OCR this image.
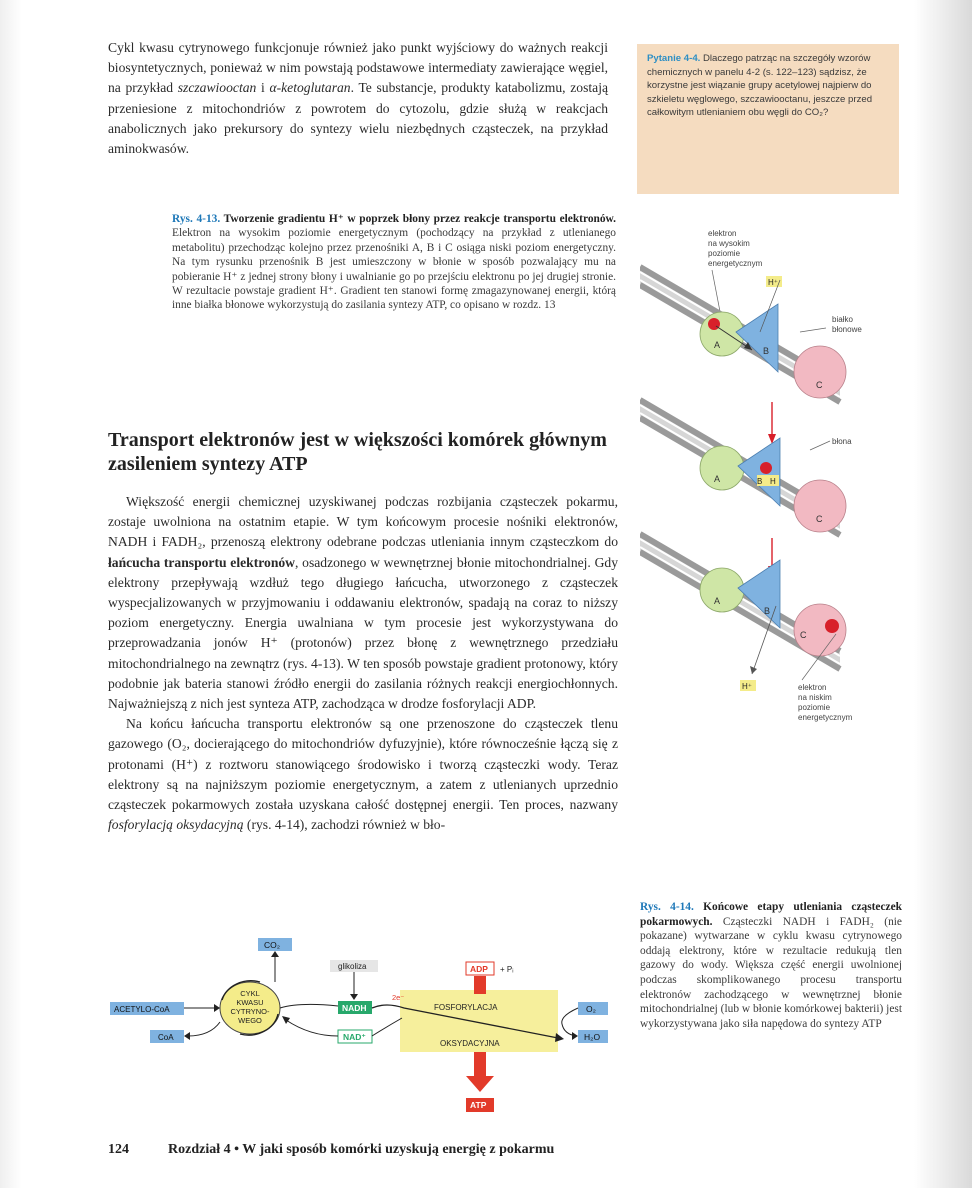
Cykl kwasu cytrynowego funkcjonuje również jako punkt wyjściowy do ważnych reakcji biosyntetycznych, ponieważ w nim powstają podstawowe intermediaty zawierające węgiel, na przykład szczawiooctan i α-ketoglutaran. Te substancje, produkty katabolizmu, zostają przeniesione z mitochondriów z powrotem do cytozolu, gdzie służą w reakcjach anabolicznych jako prekursory do syntezy wielu niezbędnych cząsteczek, na przykład aminokwasów.

Pytanie 4-4. Dlaczego patrząc na szczegóły wzorów chemicznych w panelu 4-2 (s. 122–123) sądzisz, że korzystne jest wiązanie grupy acetylowej najpierw do szkieletu węglowego, szczawiooctanu, jeszcze przed całkowitym utlenianiem obu węgli do CO₂?
Rys. 4-13. Tworzenie gradientu H⁺ w poprzek błony przez reakcje transportu elektronów. Elektron na wysokim poziomie energetycznym (pochodzący na przykład z utlenianego metabolitu) przechodząc kolejno przez przenośniki A, B i C osiąga niski poziom energetyczny. Na tym rysunku przenośnik B jest umieszczony w błonie w sposób pozwalający mu na pobieranie H⁺ z jednej strony błony i uwalnianie go po przejściu elektronu po jej drugiej stronie. W rezultacie powstaje gradient H⁺. Gradient ten stanowi formę zmagazynowanej energii, którą inne białka błonowe wykorzystują do zasilania syntezy ATP, co opisano w rozdz. 13
elektron
na wysokim
poziomie
energetycznym
H⁺
białko
błonowe
A
B
C
błona
A	B H
C
A
B
C
H⁺	elektron
na niskim
poziomie
energetycznym
Transport elektronów jest w większości komórek głównym zasileniem syntezy ATP

Większość energii chemicznej uzyskiwanej podczas rozbijania cząsteczek pokarmu, zostaje uwolniona na ostatnim etapie. W tym końcowym procesie nośniki elektronów, NADH i FADH₂, przenoszą elektrony odebrane podczas utleniania innym cząsteczkom do łańcucha transportu elektronów, osadzonego w wewnętrznej błonie mitochondrialnej. Gdy elektrony przepływają wzdłuż tego długiego łańcucha, utworzonego z cząsteczek wyspecjalizowanych w przyjmowaniu i oddawaniu elektronów, spadają na coraz to niższy poziom energetyczny. Energia uwalniana w tym procesie jest wykorzystywana do przeprowadzania jonów H⁺ (protonów) przez błonę z wewnętrznego przedziału mitochondrialnego na zewnątrz (rys. 4-13). W ten sposób powstaje gradient protonowy, który podobnie jak bateria stanowi źródło energii do zasilania różnych reakcji energiochłonnych. Najważniejszą z nich jest synteza ATP, zachodząca w drodze fosforylacji ADP.

Na końcu łańcucha transportu elektronów są one przenoszone do cząsteczek tlenu gazowego (O₂, docierającego do mitochondriów dyfuzyjnie), które równocześnie łączą się z protonami (H⁺) z roztworu stanowiącego środowisko i tworzą cząsteczki wody. Teraz elektrony są na najniższym poziomie energetycznym, a zatem z utlenianych uprzednio cząsteczek pokarmowych została uzyskana całość dostępnej energii. Ten proces, nazwany fosforylacją oksydacyjną (rys. 4-14), zachodzi również w bło-

CO₂
CYKL
KWASU
CYTRYNO-
WEGO
ACETYLO-CoA
CoA
glikoliza
NADH
NAD⁺
FOSFORYLACJA
OKSYDACYJNA
2e⁻
ADP + Pᵢ
ATP
O₂
H₂O
Rys. 4-14. Końcowe etapy utleniania cząsteczek pokarmowych. Cząsteczki NADH i FADH₂ (nie pokazane) wytwarzane w cyklu kwasu cytrynowego oddają elektrony, które w rezultacie redukują tlen gazowy do wody. Większa część energii uwolnionej podczas skomplikowanego procesu transportu elektronów zachodzącego w wewnętrznej błonie mitochondrialnej (lub w błonie komórkowej bakterii) jest wykorzystywana jako siła napędowa do syntezy ATP
124	Rozdział 4 • W jaki sposób komórki uzyskują energię z pokarmu
